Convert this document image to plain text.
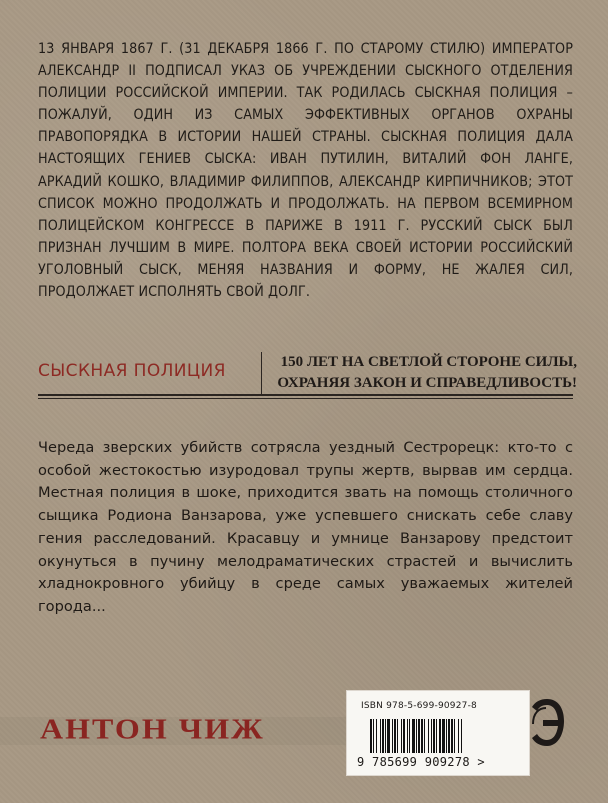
13 ЯНВАРЯ 1867 Г. (31 ДЕКАБРЯ 1866 Г. ПО СТАРОМУ СТИЛЮ) ИМПЕРАТОР АЛЕКСАНДР II ПОДПИСАЛ УКАЗ ОБ УЧРЕЖДЕНИИ СЫСКНОГО ОТДЕЛЕНИЯ ПОЛИЦИИ РОССИЙСКОЙ ИМПЕРИИ. ТАК РОДИЛАСЬ СЫСКНАЯ ПОЛИЦИЯ – ПОЖАЛУЙ, ОДИН ИЗ САМЫХ ЭФФЕКТИВНЫХ ОРГАНОВ ОХРАНЫ ПРАВОПОРЯДКА В ИСТОРИИ НАШЕЙ СТРАНЫ. СЫСКНАЯ ПОЛИЦИЯ ДАЛА НАСТОЯЩИХ ГЕНИЕВ СЫСКА: ИВАН ПУТИЛИН, ВИТАЛИЙ ФОН ЛАНГЕ, АРКАДИЙ КОШКО, ВЛАДИМИР ФИЛИППОВ, АЛЕКСАНДР КИРПИЧНИКОВ; ЭТОТ СПИСОК МОЖНО ПРОДОЛЖАТЬ И ПРОДОЛЖАТЬ. НА ПЕРВОМ ВСЕМИРНОМ ПОЛИЦЕЙСКОМ КОНГРЕССЕ В ПАРИЖЕ В 1911 Г. РУССКИЙ СЫСК БЫЛ ПРИЗНАН ЛУЧШИМ В МИРЕ. ПОЛТОРА ВЕКА СВОЕЙ ИСТОРИИ РОССИЙСКИЙ УГОЛОВНЫЙ СЫСК, МЕНЯЯ НАЗВАНИЯ И ФОРМУ, НЕ ЖАЛЕЯ СИЛ, ПРОДОЛЖАЕТ ИСПОЛНЯТЬ СВОЙ ДОЛГ.

СЫСКНАЯ ПОЛИЦИЯ	150 ЛЕТ НА СВЕТЛОЙ СТОРОНЕ СИЛЫ,
ОХРАНЯЯ ЗАКОН И СПРАВЕДЛИВОСТЬ!

Череда зверских убийств сотрясла уездный Сестрорецк: кто-то с особой жестокостью изуродовал трупы жертв, вырвав им сердца. Местная полиция в шоке, приходится звать на помощь столичного сыщика Родиона Ванзарова, уже успевшего снискать себе славу гения расследований. Красавцу и умнице Ванзарову предстоит окунуться в пучину мелодраматических страстей и вычислить хладнокровного убийцу в среде самых уважаемых жителей города...

АНТОН ЧИЖ
ISBN 978-5-699-90927-8
9 785699 909278 >
